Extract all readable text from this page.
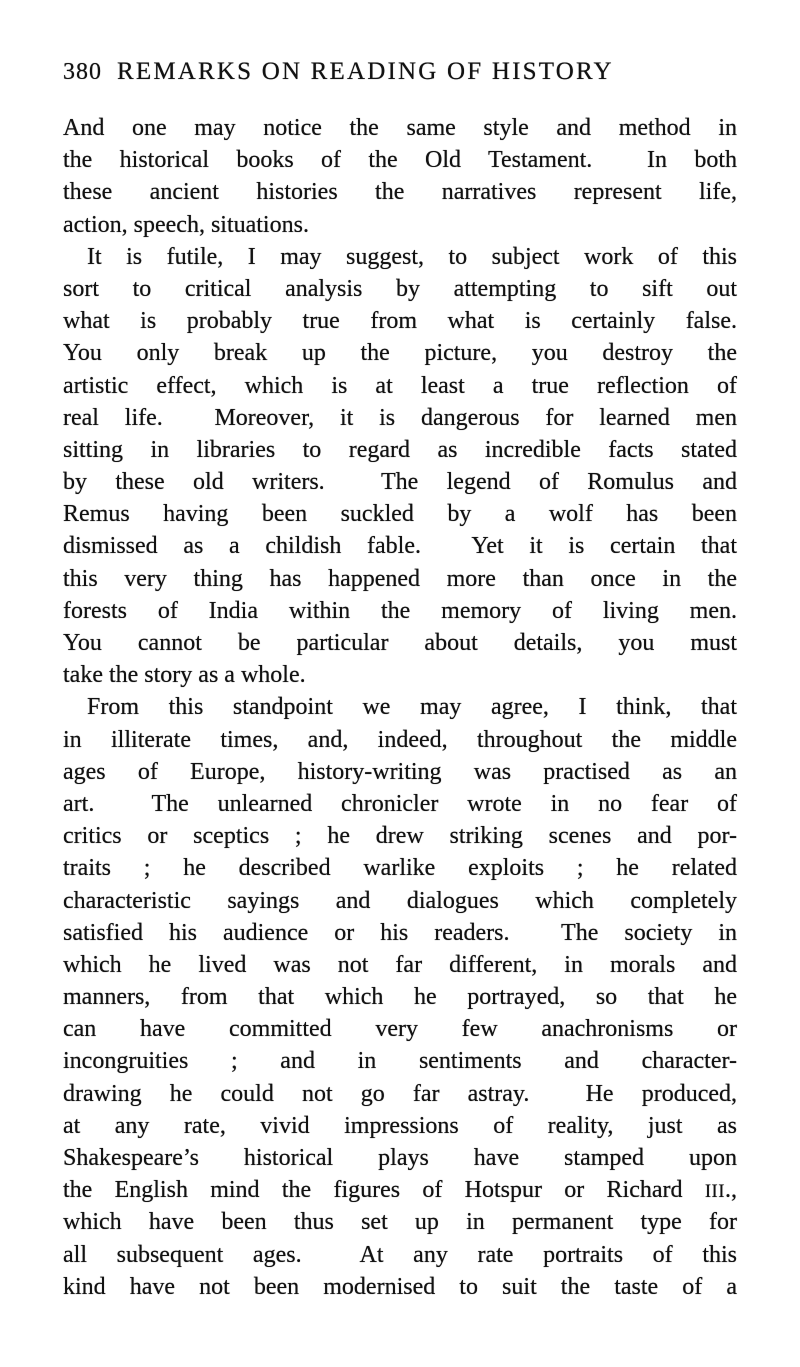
380 REMARKS ON READING OF HISTORY
And one may notice the same style and method in
the historical books of the Old Testament.  In both
these ancient histories the narratives represent life,
action, speech, situations.
It is futile, I may suggest, to subject work of this
sort to critical analysis by attempting to sift out
what is probably true from what is certainly false.
You only break up the picture, you destroy the
artistic effect, which is at least a true reflection of
real life.  Moreover, it is dangerous for learned men
sitting in libraries to regard as incredible facts stated
by these old writers.  The legend of Romulus and
Remus having been suckled by a wolf has been
dismissed as a childish fable.  Yet it is certain that
this very thing has happened more than once in the
forests of India within the memory of living men.
You cannot be particular about details, you must
take the story as a whole.
From this standpoint we may agree, I think, that
in illiterate times, and, indeed, throughout the middle
ages of Europe, history-writing was practised as an
art.  The unlearned chronicler wrote in no fear of
critics or sceptics ; he drew striking scenes and por-
traits ; he described warlike exploits ; he related
characteristic sayings and dialogues which completely
satisfied his audience or his readers.  The society in
which he lived was not far different, in morals and
manners, from that which he portrayed, so that he
can have committed very few anachronisms or
incongruities ; and in sentiments and character-
drawing he could not go far astray.  He produced,
at any rate, vivid impressions of reality, just as
Shakespeare’s historical plays have stamped upon
the English mind the figures of Hotspur or Richard III.,
which have been thus set up in permanent type for
all subsequent ages.  At any rate portraits of this
kind have not been modernised to suit the taste of a
